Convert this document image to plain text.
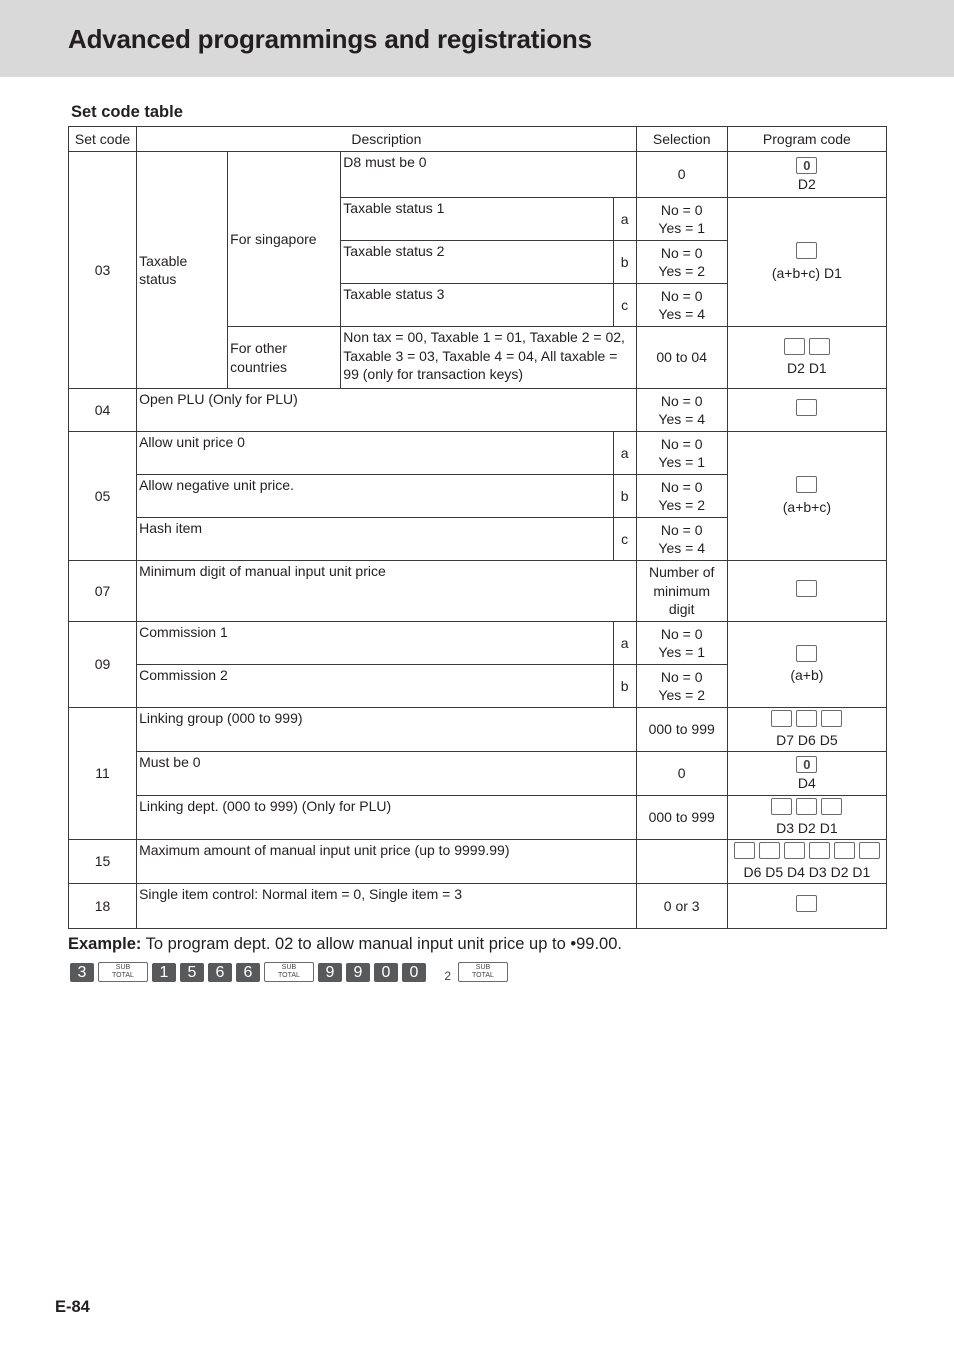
Advanced programmings and registrations
Set code table
Set code	Description				Selection	Program code
03	Taxable status	For singapore	D8 must be 0		0	0
D2

			Taxable status 1	a	No = 0
Yes = 1	(a+b+c) D1

			Taxable status 2	b	No = 0
Yes = 2	

			Taxable status 3	c	No = 0
Yes = 4	

		For other countries	Non tax = 00, Taxable 1 = 01, Taxable 2 = 02, Taxable 3 = 03, Taxable 4 = 04, All taxable = 99 (only for transaction keys)		00 to 04	D2 D1

04	Open PLU (Only for PLU)				No = 0
Yes = 4	

05	Allow unit price 0			a	No = 0
Yes = 1	(a+b+c)

	Allow negative unit price.			b	No = 0
Yes = 2	

	Hash item			c	No = 0
Yes = 4	

07	Minimum digit of manual input unit price				Number of minimum digit	

09	Commission 1			a	No = 0
Yes = 1	(a+b)

	Commission 2			b	No = 0
Yes = 2	

11	Linking group (000 to 999)				000 to 999	D7 D6 D5

	Must be 0				0	0
D4

	Linking dept. (000 to 999) (Only for PLU)				000 to 999	D3 D2 D1

15	Maximum amount of manual input unit price (up to 9999.99)					D6 D5 D4 D3 D2 D1

18	Single item control: Normal item = 0, Single item = 3				0 or 3	

Example: To program dept. 02 to allow manual input unit price up to •99.00.

3	SUB
TOTAL	1	5	6	6	SUB
TOTAL	9	9	0	0	2
SUB
TOTAL

E-84
